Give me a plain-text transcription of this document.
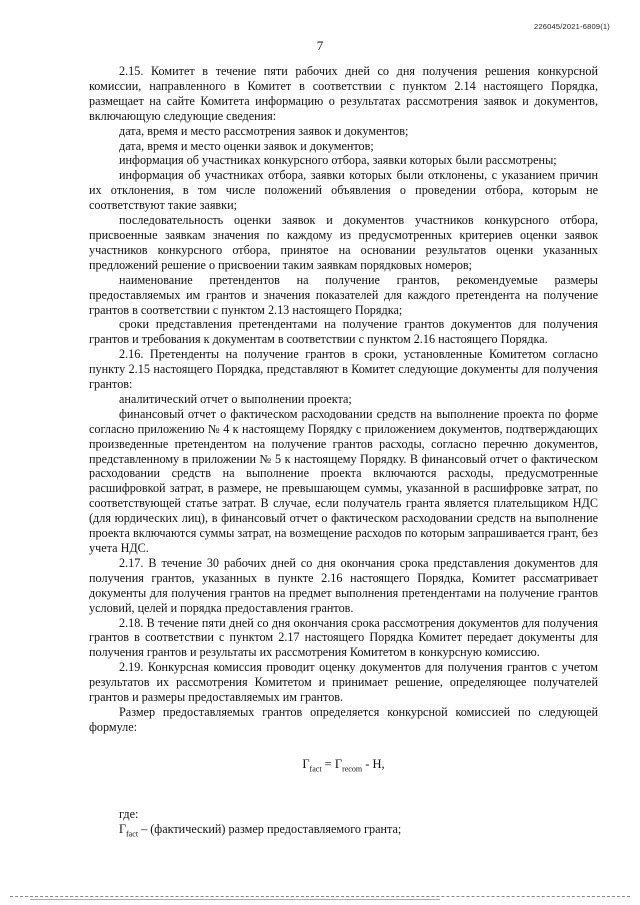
226045/2021-6809(1)
7

2.15. Комитет в течение пяти рабочих дней со дня получения решения конкурсной комиссии, направленного в Комитет в соответствии с пунктом 2.14 настоящего Порядка, размещает на сайте Комитета информацию о результатах рассмотрения заявок и документов, включающую следующие сведения:

дата, время и место рассмотрения заявок и документов;

дата, время и место оценки заявок и документов;

информация об участниках конкурсного отбора, заявки которых были рассмотрены;

информация об участниках отбора, заявки которых были отклонены, с указанием причин их отклонения, в том числе положений объявления о проведении отбора, которым не соответствуют такие заявки;

последовательность оценки заявок и документов участников конкурсного отбора, присвоенные заявкам значения по каждому из предусмотренных критериев оценки заявок участников конкурсного отбора, принятое на основании результатов оценки указанных предложений решение о присвоении таким заявкам порядковых номеров;

наименование претендентов на получение грантов, рекомендуемые размеры предоставляемых им грантов и значения показателей для каждого претендента на получение грантов в соответствии с пунктом 2.13 настоящего Порядка;

сроки представления претендентами на получение грантов документов для получения грантов и требования к документам в соответствии с пунктом 2.16 настоящего Порядка.

2.16. Претенденты на получение грантов в сроки, установленные Комитетом согласно пункту 2.15 настоящего Порядка, представляют в Комитет следующие документы для получения грантов:

аналитический отчет о выполнении проекта;

финансовый отчет о фактическом расходовании средств на выполнение проекта по форме согласно приложению № 4 к настоящему Порядку с приложением документов, подтверждающих произведенные претендентом на получение грантов расходы, согласно перечню документов, представленному в приложении № 5 к настоящему Порядку. В финансовый отчет о фактическом расходовании средств на выполнение проекта включаются расходы, предусмотренные расшифровкой затрат, в размере, не превышающем суммы, указанной в расшифровке затрат, по соответствующей статье затрат. В случае, если получатель гранта является плательщиком НДС (для юрдических лиц), в финансовый отчет о фактическом расходовании средств на выполнение проекта включаются суммы затрат, на возмещение расходов по которым запрашивается грант, без учета НДС.

2.17. В течение 30 рабочих дней со дня окончания срока представления документов для получения грантов, указанных в пункте 2.16 настоящего Порядка, Комитет рассматривает документы для получения грантов на предмет выполнения претендентами на получение грантов условий, целей и порядка предоставления грантов.

2.18. В течение пяти дней со дня окончания срока рассмотрения документов для получения грантов в соответствии с пунктом 2.17 настоящего Порядка Комитет передает документы для получения грантов и результаты их рассмотрения Комитетом в конкурсную комиссию.

2.19. Конкурсная комиссия проводит оценку документов для получения грантов с учетом результатов их рассмотрения Комитетом и принимает решение, определяющее получателей грантов и размеры предоставляемых им грантов.

Размер предоставляемых грантов определяется конкурсной комиссией по следующей формуле:

$Г_{fact} = Г_{recom} - Н$,

где:

$Г_{fact}$ – (фактический) размер предоставляемого гранта;
